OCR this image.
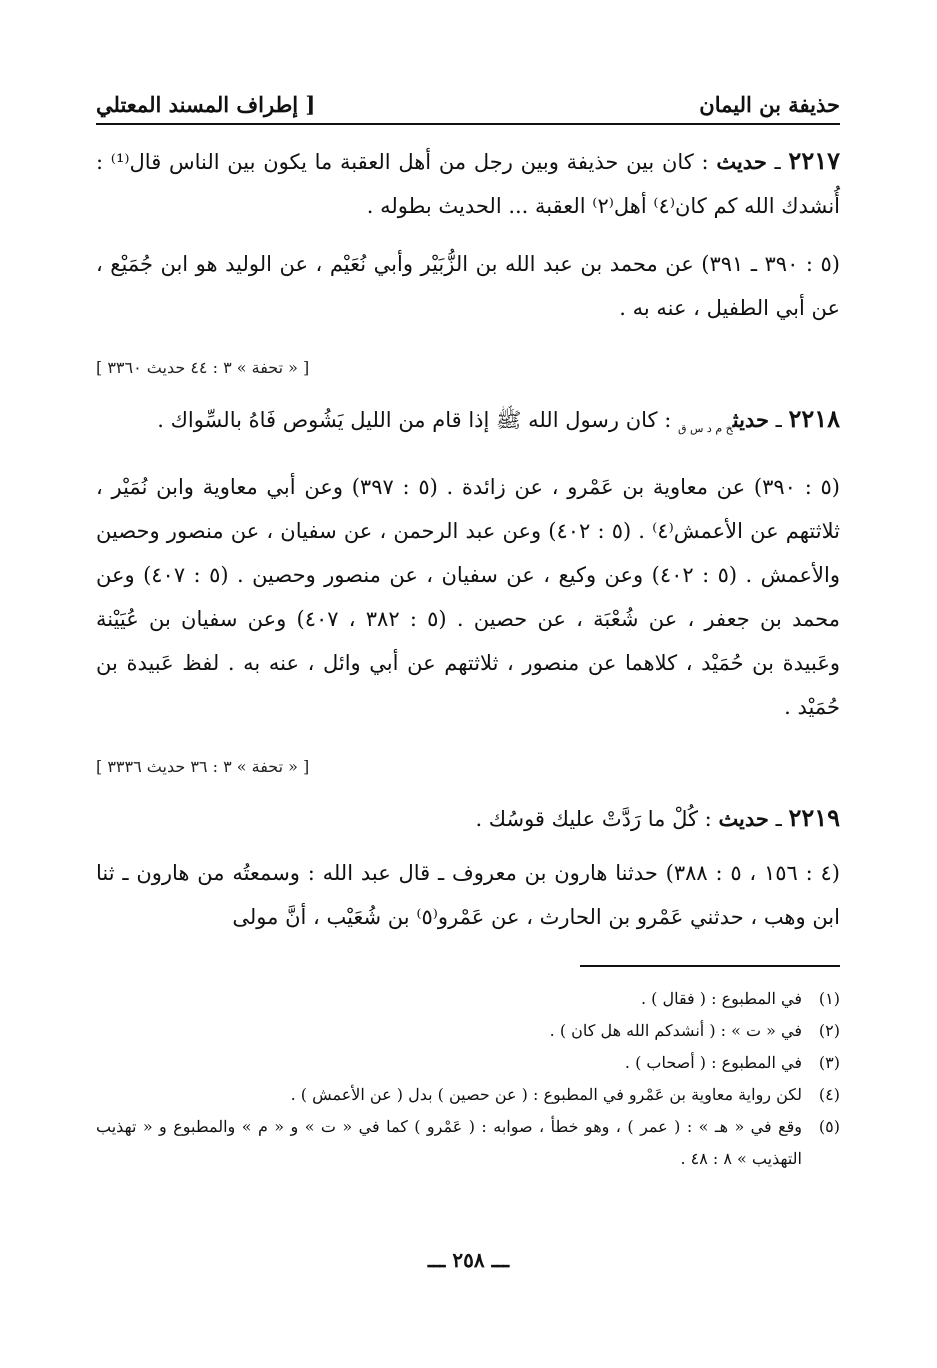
حذيفة بن اليمان
[ إطراف المسند المعتلي

٢٢١٧ ـ حديث : كان بين حذيفة وبين رجل من أهل العقبة ما يكون بين الناس قال⁽¹⁾ : أُنشدك الله كم كان⁽٤⁾ أهل⁽٢⁾ العقبة ... الحديث بطوله .

(٥ : ٣٩٠ ـ ٣٩١) عن محمد بن عبد الله بن الزُّبَيْر وأبي نُعَيْم ، عن الوليد هو ابن جُمَيْع ، عن أبي الطفيل ، عنه به .

[ « تحفة » ٣ : ٤٤ حديث ٣٣٦٠ ]

٢٢١٨ ـ حديث$_{خ م د س ق}$ : كان رسول الله ﷺ إذا قام من الليل يَشُوص فَاهُ بالسِّواك .

(٥ : ٣٩٠) عن معاوية بن عَمْرو ، عن زائدة . (٥ : ٣٩٧) وعن أبي معاوية وابن نُمَيْر ، ثلاثتهم عن الأعمش⁽٤⁾ . (٥ : ٤٠٢) وعن عبد الرحمن ، عن سفيان ، عن منصور وحصين والأعمش . (٥ : ٤٠٢) وعن وكيع ، عن سفيان ، عن منصور وحصين . (٥ : ٤٠٧) وعن محمد بن جعفر ، عن شُعْبَة ، عن حصين . (٥ : ٣٨٢ ، ٤٠٧) وعن سفيان بن عُيَيْنة وعَبيدة بن حُمَيْد ، كلاهما عن منصور ، ثلاثتهم عن أبي وائل ، عنه به . لفظ عَبيدة بن حُمَيْد .

[ « تحفة » ٣ : ٣٦ حديث ٣٣٣٦ ]

٢٢١٩ ـ حديث : كُلْ ما رَدَّتْ عليك قوسُك .

(٤ : ١٥٦ ، ٥ : ٣٨٨) حدثنا هارون بن معروف ـ قال عبد الله : وسمعتُه من هارون ـ ثنا ابن وهب ، حدثني عَمْرو بن الحارث ، عن عَمْرو⁽٥⁾ بن شُعَيْب ، أنَّ مولى

(١)
في المطبوع : ( فقال ) .
(٢)
في « ت » : ( أنشدكم الله هل كان ) .
(٣)
في المطبوع : ( أصحاب ) .
(٤)
لكن رواية معاوية بن عَمْرو في المطبوع : ( عن حصين ) بدل ( عن الأعمش ) .
(٥)
وقع في « هـ » : ( عمر ) ، وهو خطأ ، صوابه : ( عَمْرو ) كما في « ت » و « م » والمطبوع و « تهذيب التهذيب » ٨ : ٤٨ .
ـــ ٢٥٨ ـــ
